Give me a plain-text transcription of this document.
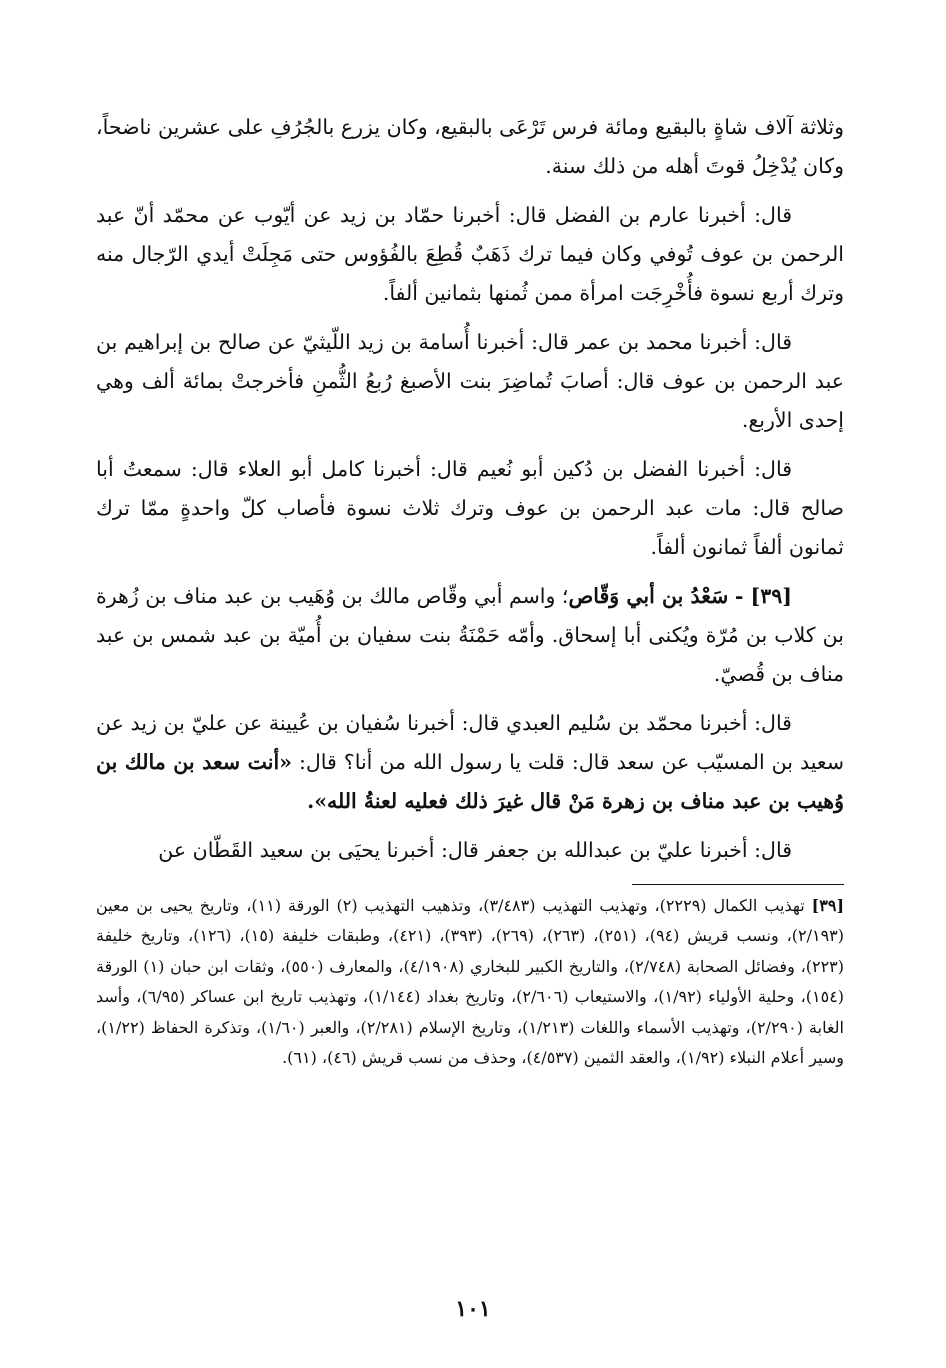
وثلاثة آلاف شاةٍ بالبقيع ومائة فرس تَرْعَى بالبقيع، وكان يزرع بالجُرُفِ على عشرين ناضحاً، وكان يُدْخِلُ قوتَ أهله من ذلك سنة.

قال: أخبرنا عارم بن الفضل قال: أخبرنا حمّاد بن زيد عن أيّوب عن محمّد أنّ عبد الرحمن بن عوف تُوفي وكان فيما ترك ذَهَبٌ قُطِعَ بالفُؤوس حتى مَجِلَتْ أيدي الرّجال منه وترك أربع نسوة فأُخْرِجَت امرأة ممن ثُمنها بثمانين ألفاً.

قال: أخبرنا محمد بن عمر قال: أخبرنا أُسامة بن زيد اللّيثيّ عن صالح بن إبراهيم بن عبد الرحمن بن عوف قال: أصابَ تُماضِرَ بنت الأصبغ رُبعُ الثُّمنِ فأخرجتْ بمائة ألف وهي إحدى الأربع.

قال: أخبرنا الفضل بن دُكين أبو نُعيم قال: أخبرنا كامل أبو العلاء قال: سمعتُ أبا صالح قال: مات عبد الرحمن بن عوف وترك ثلاث نسوة فأصاب كلّ واحدةٍ ممّا ترك ثمانون ألفاً ثمانون ألفاً.

[٣٩] - سَعْدُ بن أبي وَقّاص؛ واسم أبي وقّاص مالك بن وُهَيب بن عبد مناف بن زُهرة بن كلاب بن مُرّة ويُكنى أبا إسحاق. وأمّه حَمْنَةُ بنت سفيان بن أُميّة بن عبد شمس بن عبد مناف بن قُصيّ.

قال: أخبرنا محمّد بن سُليم العبدي قال: أخبرنا سُفيان بن عُيينة عن عليّ بن زيد عن سعيد بن المسيّب عن سعد قال: قلت يا رسول الله من أنا؟ قال: «أنت سعد بن مالك بن وُهيب بن عبد مناف بن زهرة مَنْ قال غيرَ ذلك فعليه لعنةُ الله».

قال: أخبرنا عليّ بن عبدالله بن جعفر قال: أخبرنا يحيَى بن سعيد القَطّان عن

[٣٩] تهذيب الكمال (٢٢٢٩)، وتهذيب التهذيب (٣/٤٨٣)، وتذهيب التهذيب (٢) الورقة (١١)، وتاريخ يحيى بن معين (٢/١٩٣)، ونسب قريش (٩٤)، (٢٥١)، (٢٦٣)، (٢٦٩)، (٣٩٣)، (٤٢١)، وطبقات خليفة (١٥)، (١٢٦)، وتاريخ خليفة (٢٢٣)، وفضائل الصحابة (٢/٧٤٨)، والتاريخ الكبير للبخاري (٤/١٩٠٨)، والمعارف (٥٥٠)، وثقات ابن حبان (١) الورقة (١٥٤)، وحلية الأولياء (١/٩٢)، والاستيعاب (٢/٦٠٦)، وتاريخ بغداد (١/١٤٤)، وتهذيب تاريخ ابن عساكر (٦/٩٥)، وأسد الغابة (٢/٢٩٠)، وتهذيب الأسماء واللغات (١/٢١٣)، وتاريخ الإسلام (٢/٢٨١)، والعبر (١/٦٠)، وتذكرة الحفاظ (١/٢٢)، وسير أعلام النبلاء (١/٩٢)، والعقد الثمين (٤/٥٣٧)، وحذف من نسب قريش (٤٦)، (٦١).
١٠١
